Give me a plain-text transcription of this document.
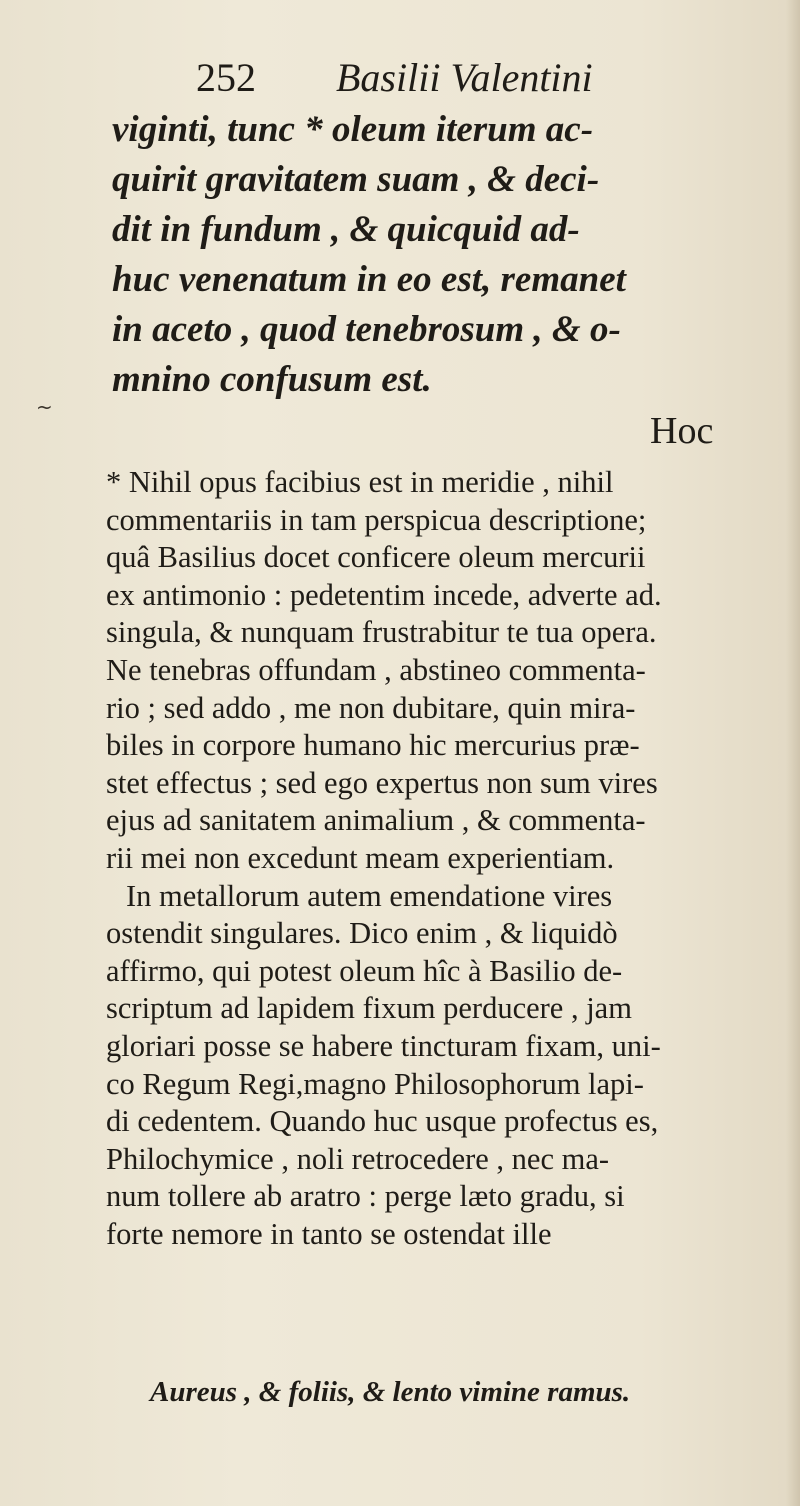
~
252 Basilii Valentini
viginti, tunc * oleum iterum ac-
quirit gravitatem suam , & deci-
dit in fundum , & quicquid ad-
huc venenatum in eo est, remanet
in aceto , quod tenebrosum , & o-
mnino confusum est.
Hoc
* Nihil opus facibius est in meridie , nihil
commentariis in tam perspicua descriptione;
quâ Basilius docet conficere oleum mercurii
ex antimonio : pedetentim incede, adverte ad.
singula, & nunquam frustrabitur te tua opera.
Ne tenebras offundam , abstineo commenta-
rio ; sed addo , me non dubitare, quin mira-
biles in corpore humano hic mercurius præ-
stet effectus ; sed ego expertus non sum vires
ejus ad sanitatem animalium , & commenta-
rii mei non excedunt meam experientiam.
In metallorum autem emendatione vires
ostendit singulares. Dico enim , & liquidò
affirmo, qui potest oleum hîc à Basilio de-
scriptum ad lapidem fixum perducere , jam
gloriari posse se habere tincturam fixam, uni-
co Regum Regi,magno Philosophorum lapi-
di cedentem. Quando huc usque profectus es,
Philochymice , noli retrocedere , nec ma-
num tollere ab aratro : perge læto gradu, si
forte nemore in tanto se ostendat ille
Aureus , & foliis, & lento vimine ramus.
